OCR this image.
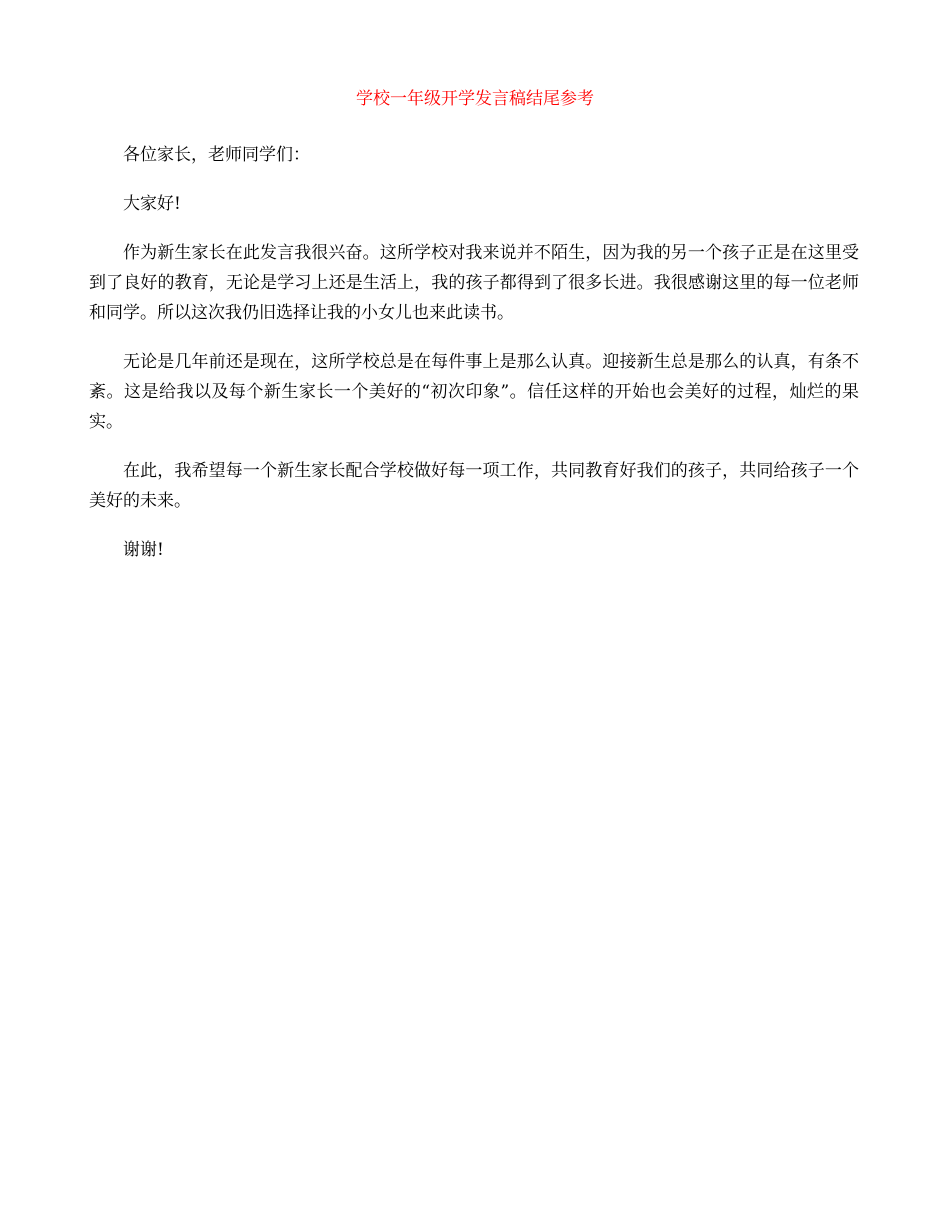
学校一年级开学发言稿结尾参考

各位家长，老师同学们：

大家好!

作为新生家长在此发言我很兴奋。这所学校对我来说并不陌生，因为我的另一个孩子正是在这里受到了良好的教育，无论是学习上还是生活上，我的孩子都得到了很多长进。我很感谢这里的每一位老师和同学。所以这次我仍旧选择让我的小女儿也来此读书。

无论是几年前还是现在，这所学校总是在每件事上是那么认真。迎接新生总是那么的认真，有条不紊。这是给我以及每个新生家长一个美好的“初次印象”。信任这样的开始也会美好的过程，灿烂的果实。

在此，我希望每一个新生家长配合学校做好每一项工作，共同教育好我们的孩子，共同给孩子一个美好的未来。

谢谢!
